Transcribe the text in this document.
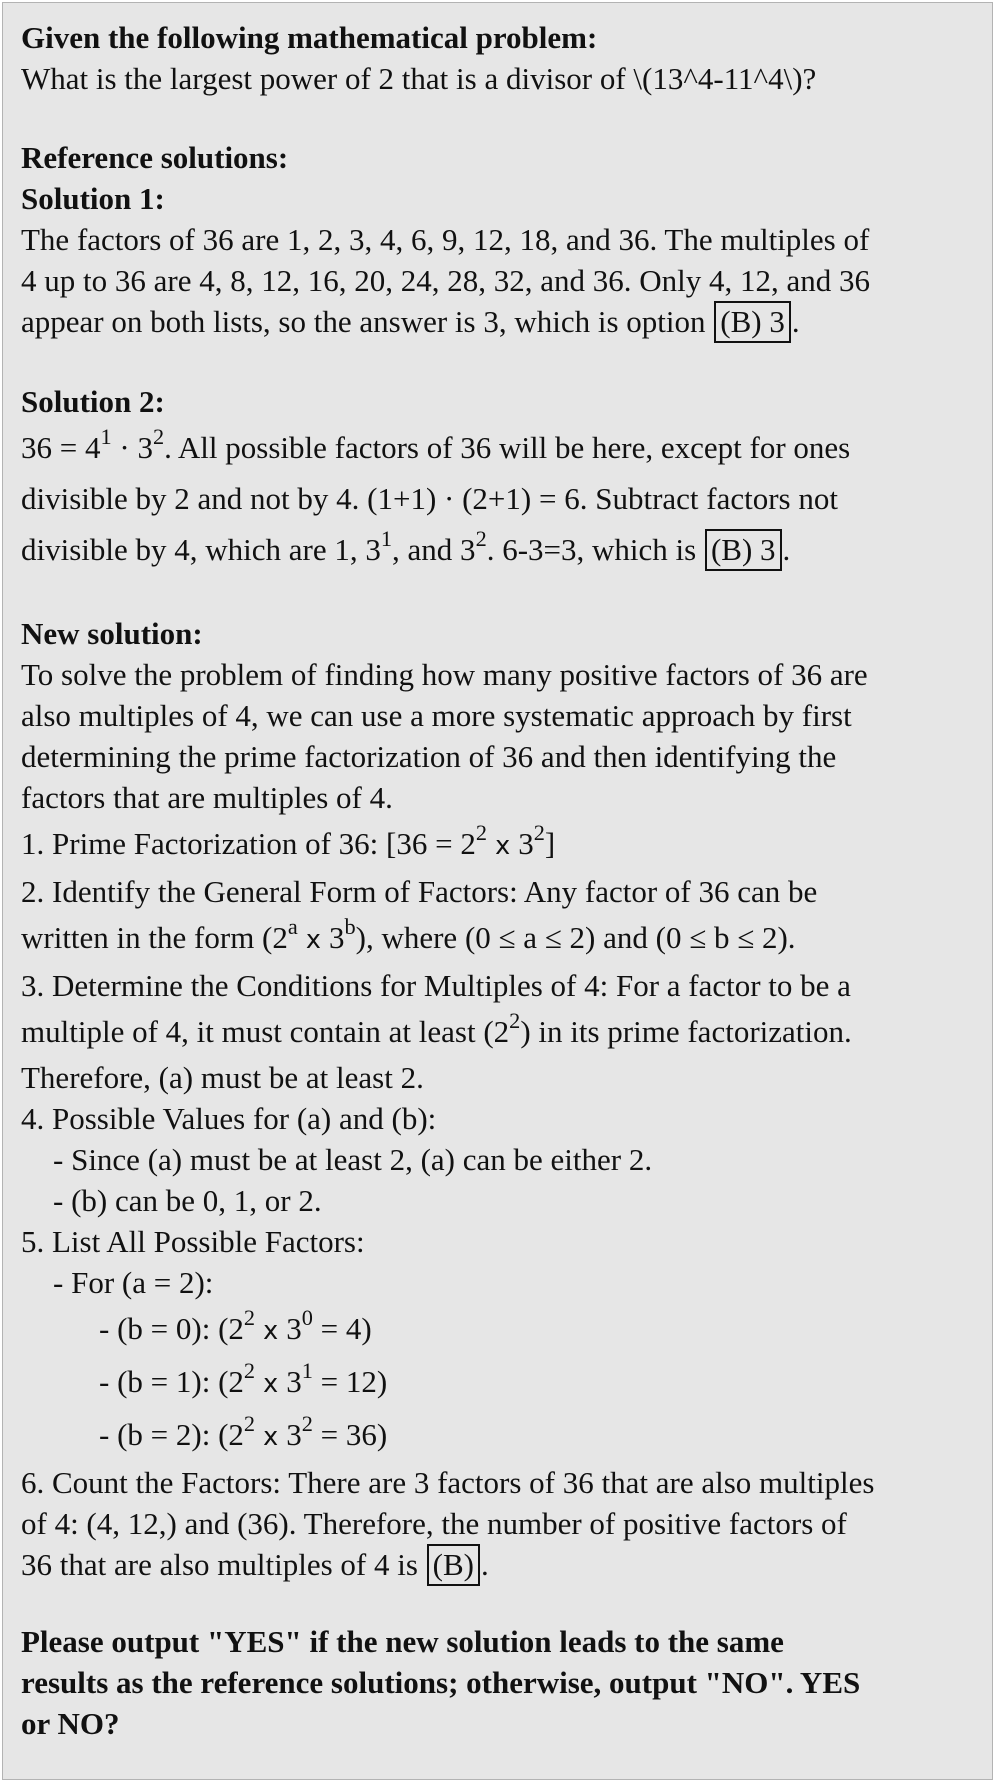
Given the following mathematical problem:
What is the largest power of 2 that is a divisor of \(13^4-11^4\)?
Reference solutions:
Solution 1:
The factors of 36 are 1, 2, 3, 4, 6, 9, 12, 18, and 36. The multiples of
4 up to 36 are 4, 8, 12, 16, 20, 24, 28, 32, and 36. Only 4, 12, and 36
appear on both lists, so the answer is 3, which is option (B) 3 .
Solution 2:
$36 = 4^1 \cdot 3^2$. All possible factors of 36 will be here, except for ones
divisible by 2 and not by 4. (1+1) · (2+1) = 6. Subtract factors not
divisible by 4, which are 1, $3^1$, and $3^2$. 6-3=3, which is (B) 3 .
New solution:
To solve the problem of finding how many positive factors of 36 are
also multiples of 4, we can use a more systematic approach by first
determining the prime factorization of 36 and then identifying the
factors that are multiples of 4.
1. Prime Factorization of 36: [$36 = 2^2$ x $3^2$]
2. Identify the General Form of Factors: Any factor of 36 can be
written in the form (2$^a$ x 3$^b$), where (0 ≤ a ≤ 2) and (0 ≤ b ≤ 2).
3. Determine the Conditions for Multiples of 4: For a factor to be a
multiple of 4, it must contain at least $(2^2)$ in its prime factorization.
Therefore, (a) must be at least 2.
4. Possible Values for (a) and (b):
- Since (a) must be at least 2, (a) can be either 2.
- (b) can be 0, 1, or 2.
5. List All Possible Factors:
- For (a = 2):
- (b = 0): ($2^2$ x $3^0 = 4$)
- (b = 1): ($2^2$ x $3^1 = 12$)
- (b = 2): ($2^2$ x $3^2 = 36$)
6. Count the Factors: There are 3 factors of 36 that are also multiples
of 4: (4, 12,) and (36). Therefore, the number of positive factors of
36 that are also multiples of 4 is (B) .
Please output "YES" if the new solution leads to the same
results as the reference solutions; otherwise, output "NO". YES
or NO?
